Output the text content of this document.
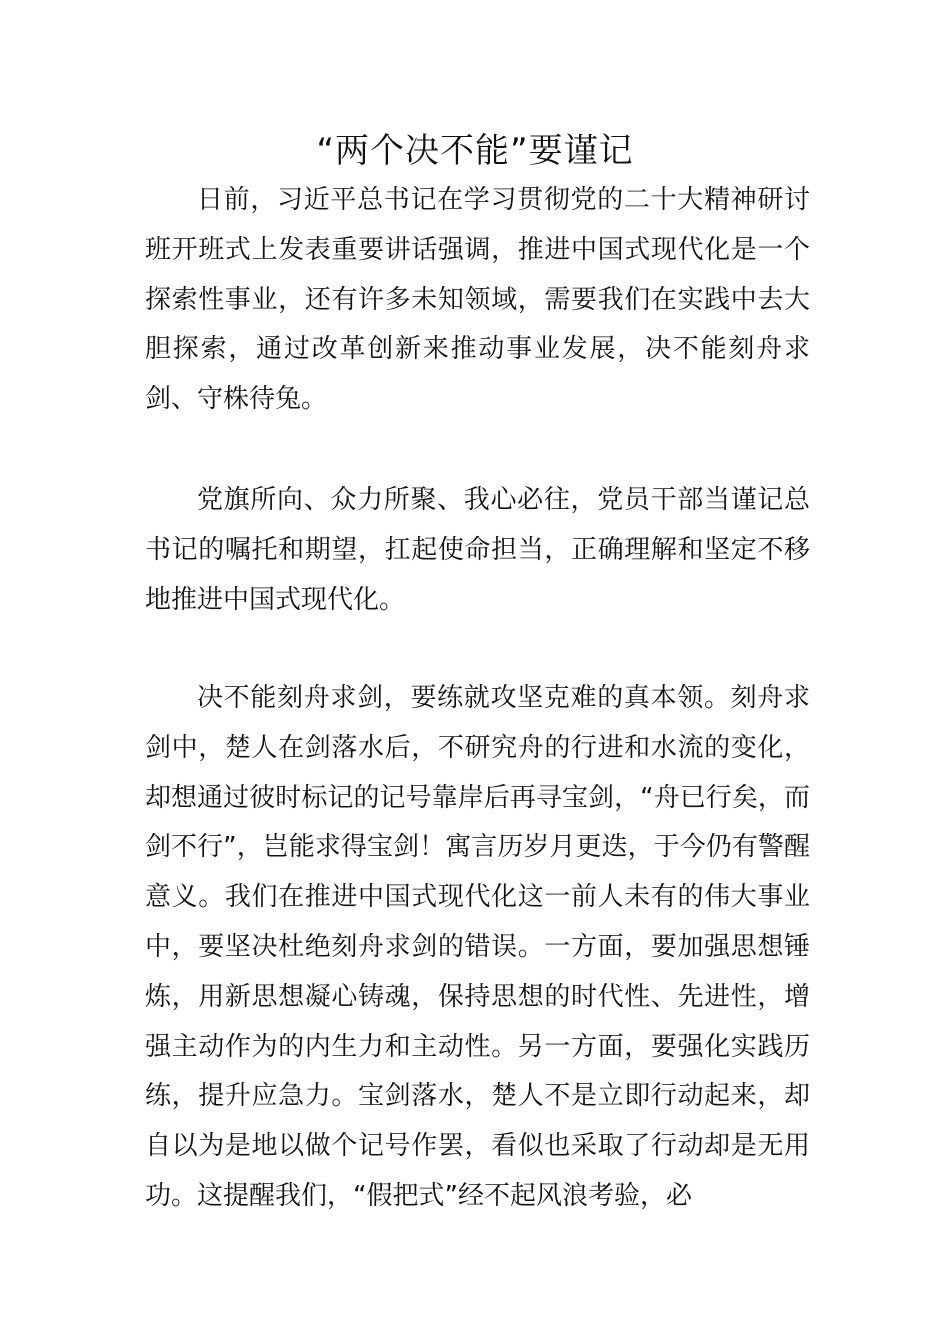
“两个决不能”要谨记

日前，习近平总书记在学习贯彻党的二十大精神研讨班开班式上发表重要讲话强调，推进中国式现代化是一个探索性事业，还有许多未知领域，需要我们在实践中去大胆探索，通过改革创新来推动事业发展，决不能刻舟求剑、守株待兔。

党旗所向、众力所聚、我心必往，党员干部当谨记总书记的嘱托和期望，扛起使命担当，正确理解和坚定不移地推进中国式现代化。

决不能刻舟求剑，要练就攻坚克难的真本领。刻舟求剑中，楚人在剑落水后，不研究舟的行进和水流的变化，却想通过彼时标记的记号靠岸后再寻宝剑，“舟已行矣，而剑不行”，岂能求得宝剑！寓言历岁月更迭，于今仍有警醒意义。我们在推进中国式现代化这一前人未有的伟大事业中，要坚决杜绝刻舟求剑的错误。一方面，要加强思想锤炼，用新思想凝心铸魂，保持思想的时代性、先进性，增强主动作为的内生力和主动性。另一方面，要强化实践历练，提升应急力。宝剑落水，楚人不是立即行动起来，却自以为是地以做个记号作罢，看似也采取了行动却是无用功。这提醒我们，“假把式”经不起风浪考验，必
